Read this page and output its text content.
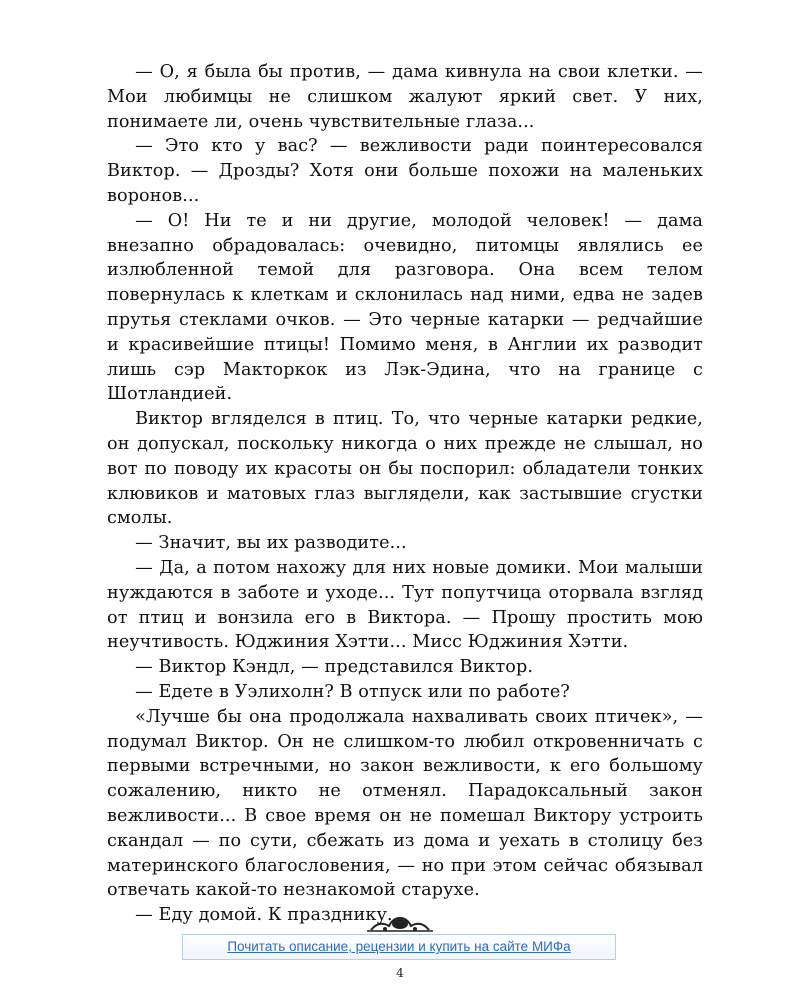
— О, я была бы против, — дама кивнула на свои клетки. — Мои любимцы не слишком жалуют яркий свет. У них, понимаете ли, очень чувствительные глаза...

— Это кто у вас? — вежливости ради поинтересовался Виктор. — Дрозды? Хотя они больше похожи на маленьких воронов...

— О! Ни те и ни другие, молодой человек! — дама внезапно обрадовалась: очевидно, питомцы являлись ее излюбленной темой для разговора. Она всем телом повернулась к клеткам и склонилась над ними, едва не задев прутья стеклами очков. — Это черные катарки — редчайшие и красивейшие птицы! Помимо меня, в Англии их разводит лишь сэр Макторкок из Лэк-Эдина, что на границе с Шотландией.

Виктор вгляделся в птиц. То, что черные катарки редкие, он допускал, поскольку никогда о них прежде не слышал, но вот по поводу их красоты он бы поспорил: обладатели тонких клювиков и матовых глаз выглядели, как застывшие сгустки смолы.

— Значит, вы их разводите...

— Да, а потом нахожу для них новые домики. Мои малыши нуждаются в заботе и уходе... Тут попутчица оторвала взгляд от птиц и вонзила его в Виктора. — Прошу простить мою неучтивость. Юджиния Хэтти... Мисс Юджиния Хэтти.

— Виктор Кэндл, — представился Виктор.

— Едете в Уэлихолн? В отпуск или по работе?

«Лучше бы она продолжала нахваливать своих птичек», — подумал Виктор. Он не слишком-то любил откровенничать с первыми встречными, но закон вежливости, к его большому сожалению, никто не отменял. Парадоксальный закон вежливости... В свое время он не помешал Виктору устроить скандал — по сути, сбежать из дома и уехать в столицу без материнского благословения, — но при этом сейчас обязывал отвечать какой-то незнакомой старухе.

— Еду домой. К празднику.

Почитать описание, рецензии и купить на сайте МИФа
4
